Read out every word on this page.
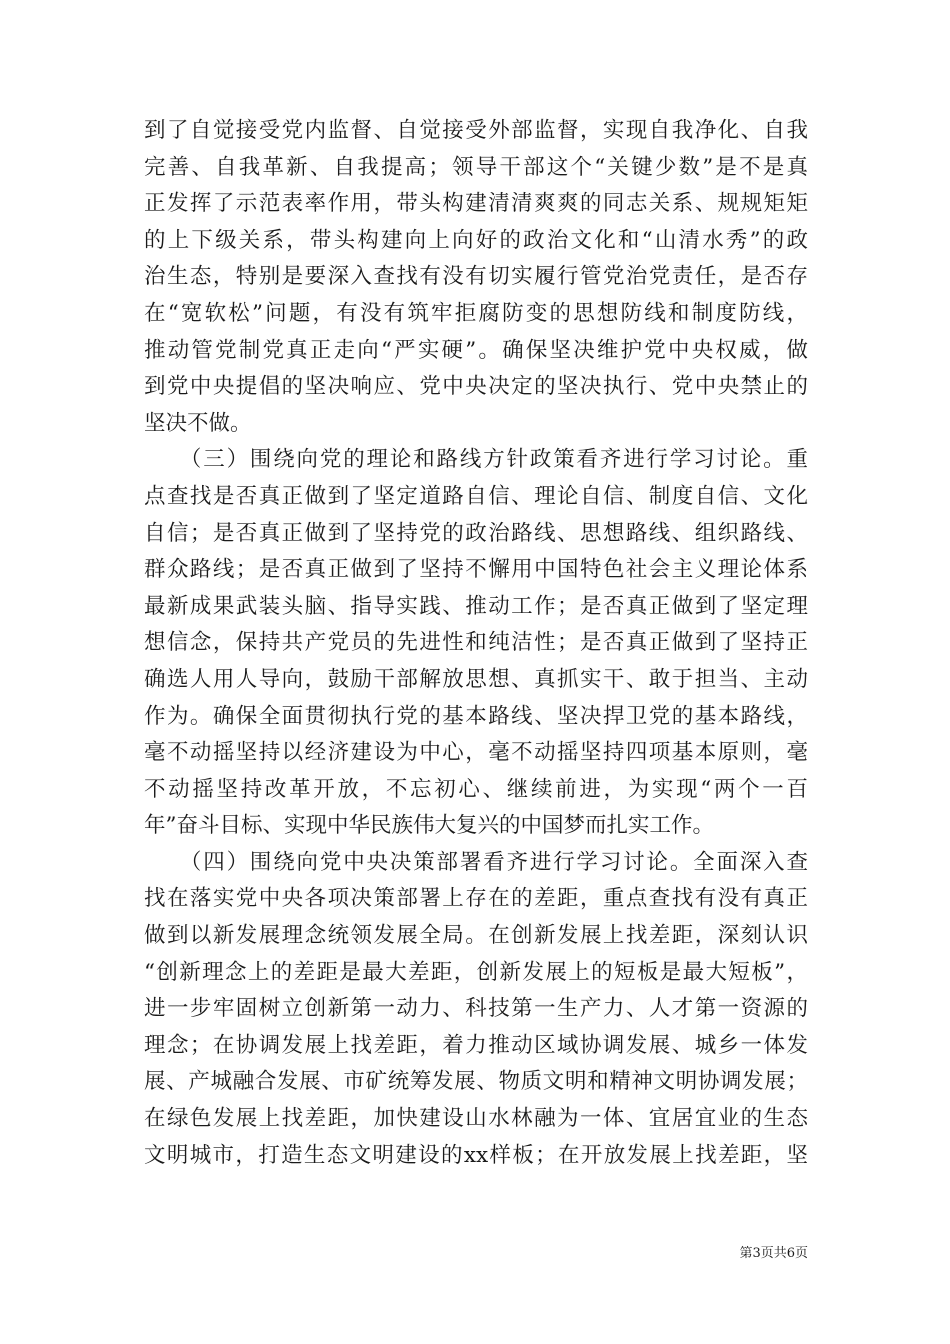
到了自觉接受党内监督、自觉接受外部监督，实现自我净化、自我
完善、自我革新、自我提高；领导干部这个“关键少数”是不是真
正发挥了示范表率作用，带头构建清清爽爽的同志关系、规规矩矩
的上下级关系，带头构建向上向好的政治文化和“山清水秀”的政
治生态，特别是要深入查找有没有切实履行管党治党责任，是否存
在“宽软松”问题，有没有筑牢拒腐防变的思想防线和制度防线，
推动管党制党真正走向“严实硬”。确保坚决维护党中央权威，做
到党中央提倡的坚决响应、党中央决定的坚决执行、党中央禁止的
坚决不做。
　　（三）围绕向党的理论和路线方针政策看齐进行学习讨论。重
点查找是否真正做到了坚定道路自信、理论自信、制度自信、文化
自信；是否真正做到了坚持党的政治路线、思想路线、组织路线、
群众路线；是否真正做到了坚持不懈用中国特色社会主义理论体系
最新成果武装头脑、指导实践、推动工作；是否真正做到了坚定理
想信念，保持共产党员的先进性和纯洁性；是否真正做到了坚持正
确选人用人导向，鼓励干部解放思想、真抓实干、敢于担当、主动
作为。确保全面贯彻执行党的基本路线、坚决捍卫党的基本路线，
毫不动摇坚持以经济建设为中心，毫不动摇坚持四项基本原则，毫
不动摇坚持改革开放，不忘初心、继续前进，为实现“两个一百
年”奋斗目标、实现中华民族伟大复兴的中国梦而扎实工作。
　　（四）围绕向党中央决策部署看齐进行学习讨论。全面深入查
找在落实党中央各项决策部署上存在的差距，重点查找有没有真正
做到以新发展理念统领发展全局。在创新发展上找差距，深刻认识
“创新理念上的差距是最大差距，创新发展上的短板是最大短板”，
进一步牢固树立创新第一动力、科技第一生产力、人才第一资源的
理念；在协调发展上找差距，着力推动区域协调发展、城乡一体发
展、产城融合发展、市矿统筹发展、物质文明和精神文明协调发展；
在绿色发展上找差距，加快建设山水林融为一体、宜居宜业的生态
文明城市，打造生态文明建设的xx样板；在开放发展上找差距，坚
第3页共6页
